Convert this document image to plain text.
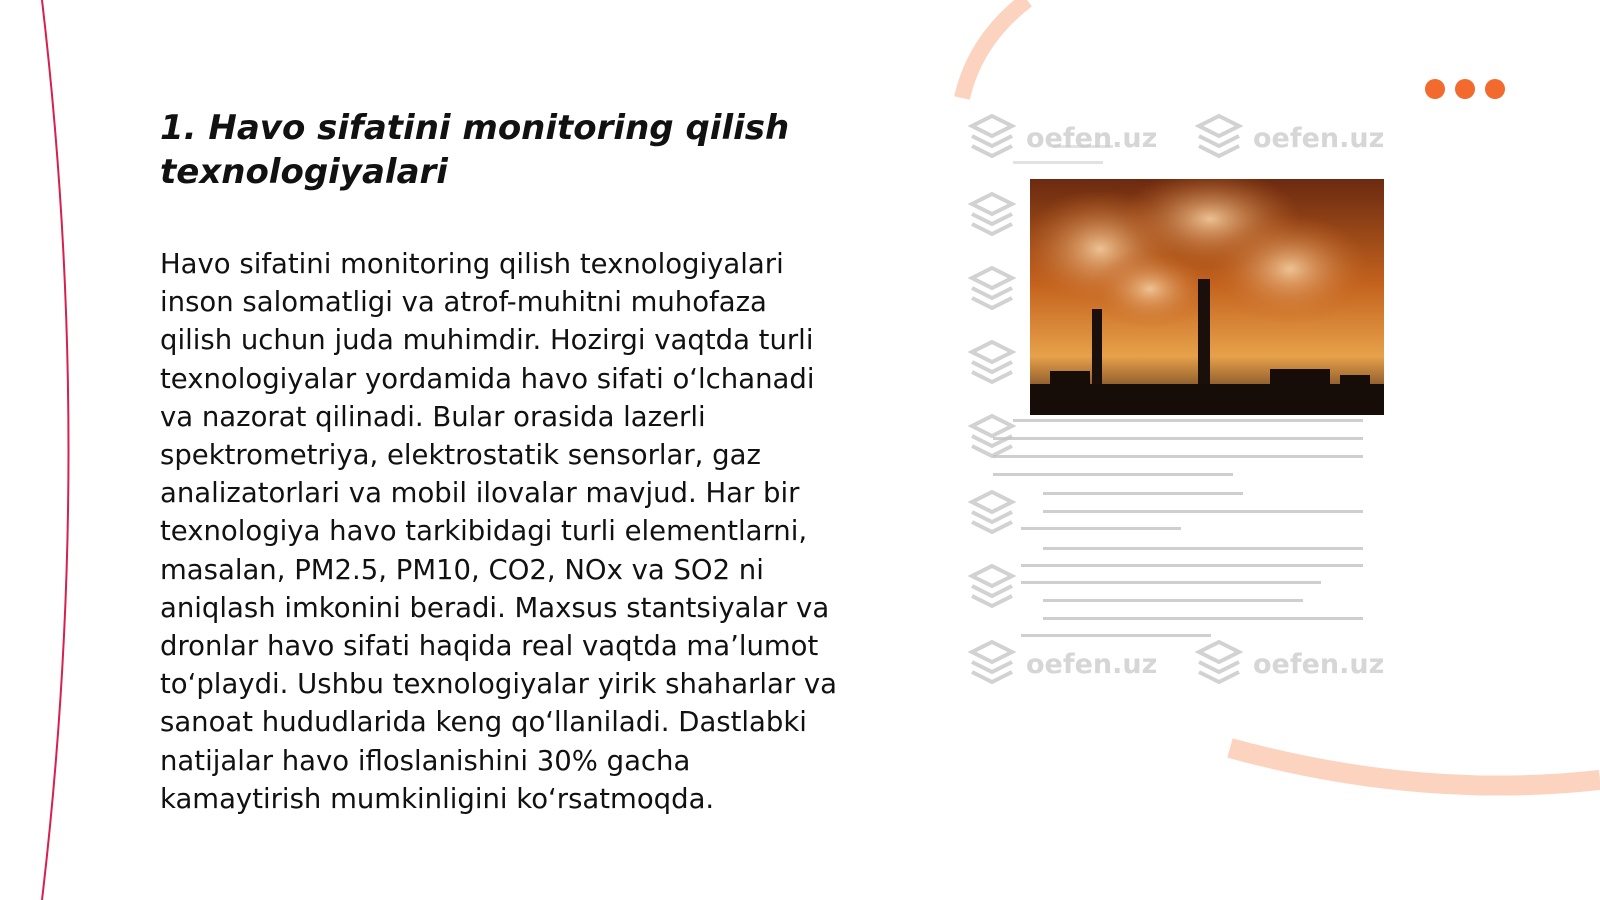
1. Havo sifatini monitoring qilish texnologiyalari

Havo sifatini monitoring qilish texnologiyalari inson salomatligi va atrof-muhitni muhofaza qilish uchun juda muhimdir. Hozirgi vaqtda turli texnologiyalar yordamida havo sifati o‘lchanadi va nazorat qilinadi. Bular orasida lazerli spektrometriya, elektrostatik sensorlar, gaz analizatorlari va mobil ilovalar mavjud. Har bir texnologiya havo tarkibidagi turli elementlarni, masalan, PM2.5, PM10, CO2, NOx va SO2 ni aniqlash imkonini beradi. Maxsus stantsiyalar va dronlar havo sifati haqida real vaqtda ma’lumot to‘playdi. Ushbu texnologiyalar yirik shaharlar va sanoat hududlarida keng qo‘llaniladi. Dastlabki natijalar havo ifloslanishini 30% gacha kamaytirish mumkinligini ko‘rsatmoqda.

oefen.uz	oefen.uz
oefen.uz	oefen.uz
